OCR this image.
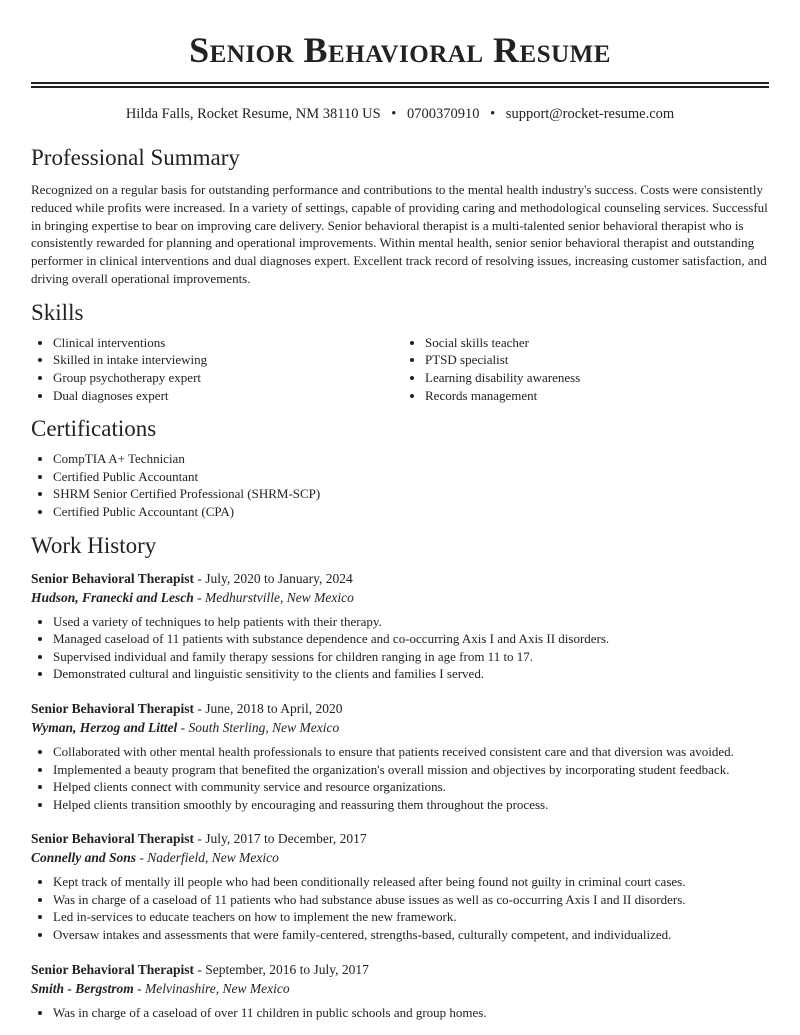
Senior Behavioral Resume
Hilda Falls, Rocket Resume, NM 38110 US • 0700370910 • support@rocket-resume.com
Professional Summary

Recognized on a regular basis for outstanding performance and contributions to the mental health industry's success. Costs were consistently reduced while profits were increased. In a variety of settings, capable of providing caring and methodological counseling services. Successful in bringing expertise to bear on improving care delivery. Senior behavioral therapist is a multi-talented senior behavioral therapist who is consistently rewarded for planning and operational improvements. Within mental health, senior senior behavioral therapist and outstanding performer in clinical interventions and dual diagnoses expert. Excellent track record of resolving issues, increasing customer satisfaction, and driving overall operational improvements.

Skills
• Clinical interventions
• Skilled in intake interviewing
• Group psychotherapy expert
• Dual diagnoses expert
• Social skills teacher
• PTSD specialist
• Learning disability awareness
• Records management
Certifications
• CompTIA A+ Technician
• Certified Public Accountant
• SHRM Senior Certified Professional (SHRM-SCP)
• Certified Public Accountant (CPA)
Work History
Senior Behavioral Therapist - July, 2020 to January, 2024
Hudson, Franecki and Lesch - Medhurstville, New Mexico
• Used a variety of techniques to help patients with their therapy.
• Managed caseload of 11 patients with substance dependence and co-occurring Axis I and Axis II disorders.
• Supervised individual and family therapy sessions for children ranging in age from 11 to 17.
• Demonstrated cultural and linguistic sensitivity to the clients and families I served.
Senior Behavioral Therapist - June, 2018 to April, 2020
Wyman, Herzog and Littel - South Sterling, New Mexico
• Collaborated with other mental health professionals to ensure that patients received consistent care and that diversion was avoided.
• Implemented a beauty program that benefited the organization's overall mission and objectives by incorporating student feedback.
• Helped clients connect with community service and resource organizations.
• Helped clients transition smoothly by encouraging and reassuring them throughout the process.
Senior Behavioral Therapist - July, 2017 to December, 2017
Connelly and Sons - Naderfield, New Mexico
• Kept track of mentally ill people who had been conditionally released after being found not guilty in criminal court cases.
• Was in charge of a caseload of 11 patients who had substance abuse issues as well as co-occurring Axis I and II disorders.
• Led in-services to educate teachers on how to implement the new framework.
• Oversaw intakes and assessments that were family-centered, strengths-based, culturally competent, and individualized.
Senior Behavioral Therapist - September, 2016 to July, 2017
Smith - Bergstrom - Melvinashire, New Mexico
• Was in charge of a caseload of over 11 children in public schools and group homes.
